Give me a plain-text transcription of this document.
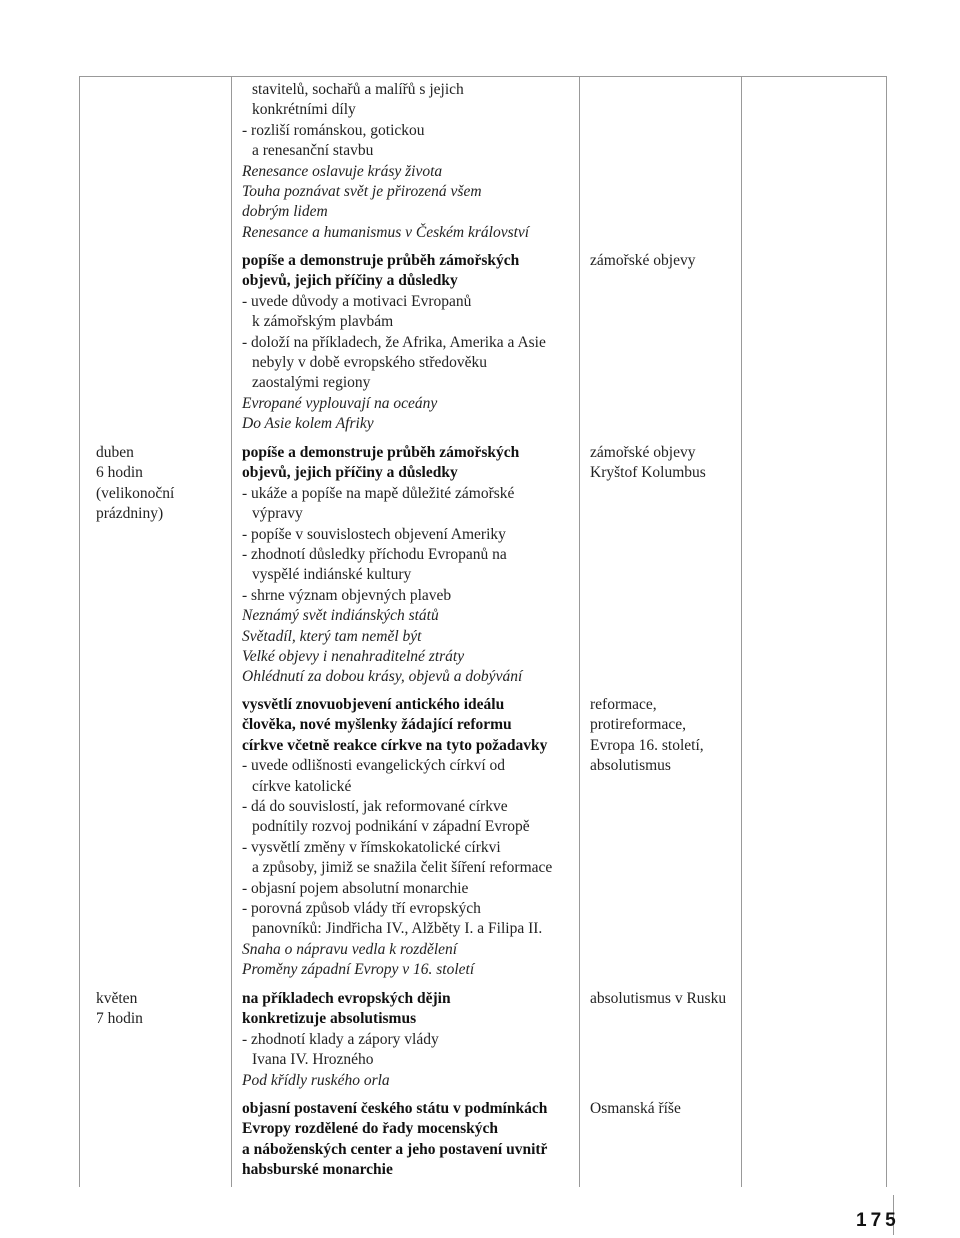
stavitelů, sochařů a malířů s jejich
konkrétními díly
- rozliší románskou, gotickou
a renesanční stavbu
Renesance oslavuje krásy života
Touha poznávat svět je přirozená všem
dobrým lidem
Renesance a humanismus v Českém království
popíše a demonstruje průběh zámořských
objevů, jejich příčiny a důsledky
- uvede důvody a motivaci Evropanů
k zámořským plavbám
- doloží na příkladech, že Afrika, Amerika a Asie
nebyly v době evropského středověku
zaostalými regiony
Evropané vyplouvají na oceány
Do Asie kolem Afriky
zámořské objevy
duben
6 hodin
(velikonoční
prázdniny)
popíše a demonstruje průběh zámořských
objevů, jejich příčiny a důsledky
- ukáže a popíše na mapě důležité zámořské
výpravy
- popíše v souvislostech objevení Ameriky
- zhodnotí důsledky příchodu Evropanů na
vyspělé indiánské kultury
- shrne význam objevných plaveb
Neznámý svět indiánských států
Světadíl, který tam neměl být
Velké objevy i nenahraditelné ztráty
Ohlédnutí za dobou krásy, objevů a dobývání
zámořské objevy
Kryštof Kolumbus
vysvětlí znovuobjevení antického ideálu
člověka, nové myšlenky žádající reformu
církve včetně reakce církve na tyto požadavky
- uvede odlišnosti evangelických církví od
církve katolické
- dá do souvislostí, jak reformované církve
podnítily rozvoj podnikání v západní Evropě
- vysvětlí změny v římskokatolické církvi
a způsoby, jimiž se snažila čelit šíření reformace
- objasní pojem absolutní monarchie
- porovná způsob vlády tří evropských
panovníků: Jindřicha IV., Alžběty I. a Filipa II.
Snaha o nápravu vedla k rozdělení
Proměny západní Evropy v 16. století
reformace,
protireformace,
Evropa 16. století,
absolutismus
květen
7 hodin
na příkladech evropských dějin
konkretizuje absolutismus
- zhodnotí klady a zápory vlády
Ivana IV. Hrozného
Pod křídly ruského orla
absolutismus v Rusku
objasní postavení českého státu v podmínkách
Evropy rozdělené do řady mocenských
a náboženských center a jeho postavení uvnitř
habsburské monarchie
Osmanská říše
175
